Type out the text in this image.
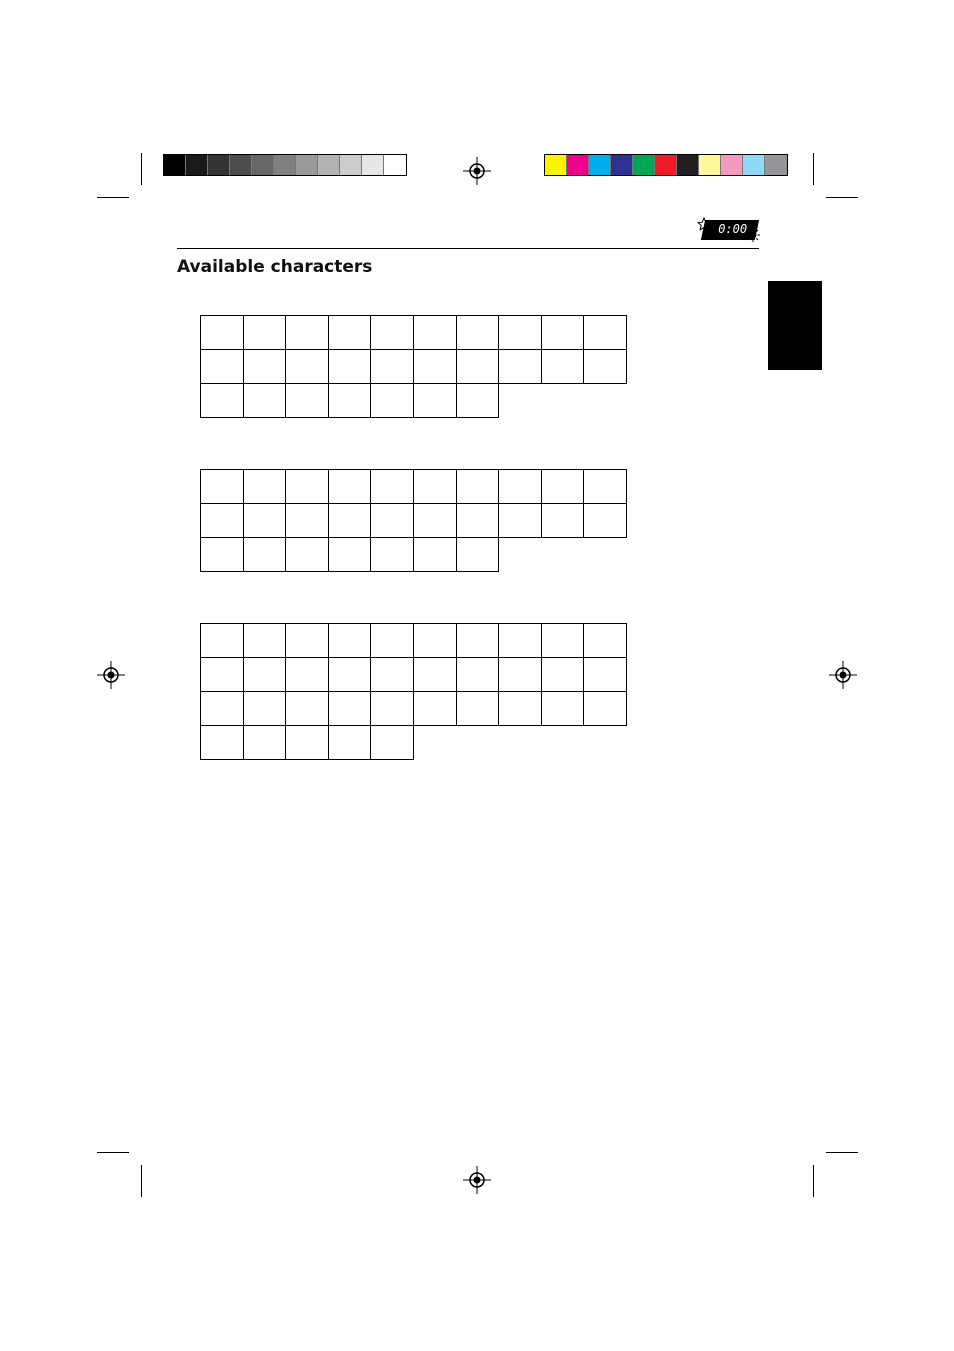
0:00
Available characters
